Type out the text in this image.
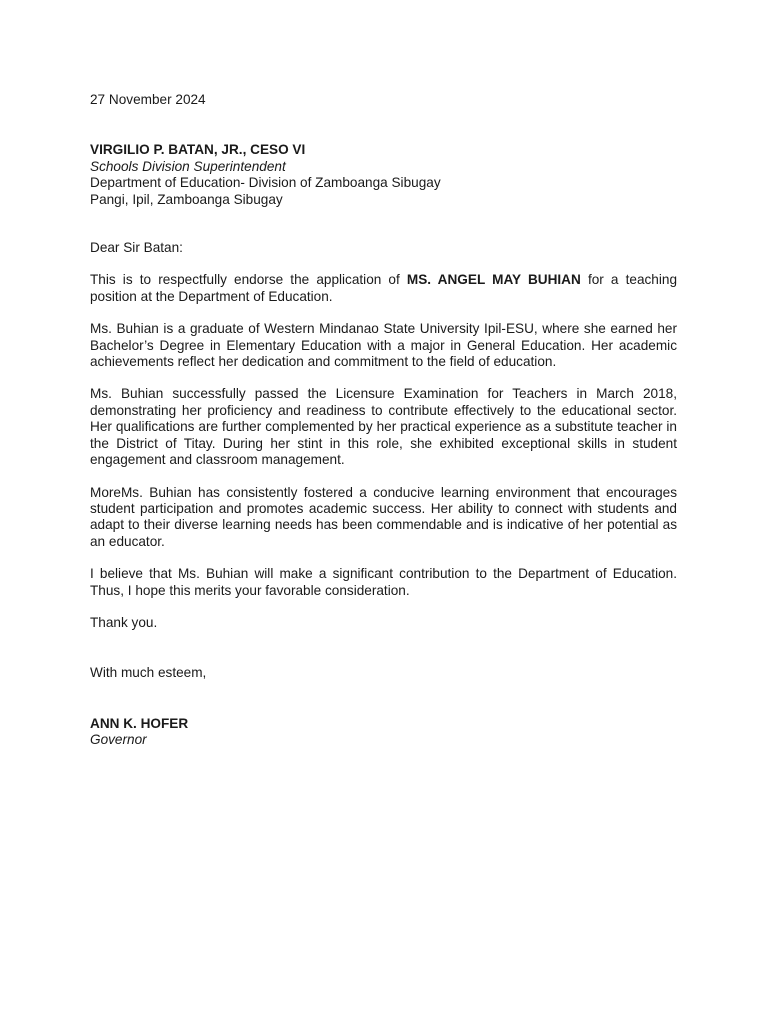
27 November 2024

VIRGILIO P. BATAN, JR., CESO VI

Schools Division Superintendent

Department of Education- Division of Zamboanga Sibugay

Pangi, Ipil, Zamboanga Sibugay

Dear Sir Batan:

This is to respectfully endorse the application of MS. ANGEL MAY BUHIAN for a teaching position at the Department of Education.

Ms. Buhian is a graduate of Western Mindanao State University Ipil-ESU, where she earned her Bachelor’s Degree in Elementary Education with a major in General Education. Her academic achievements reflect her dedication and commitment to the field of education.

Ms. Buhian successfully passed the Licensure Examination for Teachers in March 2018, demonstrating her proficiency and readiness to contribute effectively to the educational sector. Her qualifications are further complemented by her practical experience as a substitute teacher in the District of Titay. During her stint in this role, she exhibited exceptional skills in student engagement and classroom management.

MoreMs. Buhian has consistently fostered a conducive learning environment that encourages student participation and promotes academic success. Her ability to connect with students and adapt to their diverse learning needs has been commendable and is indicative of her potential as an educator.

I believe that Ms. Buhian will make a significant contribution to the Department of Education. Thus, I hope this merits your favorable consideration.

Thank you.

With much esteem,

ANN K. HOFER

Governor
